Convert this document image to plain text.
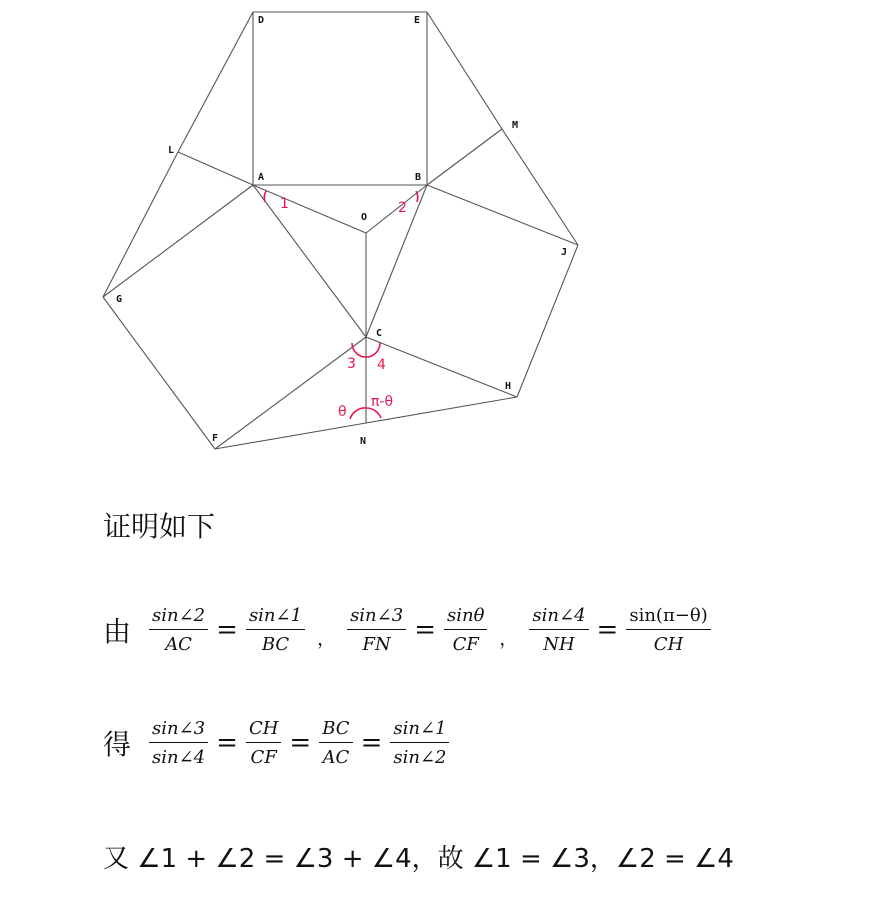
D	E
M
L
A	B
O
J
G
C
H
F	N
1	2
3 4
θ
π-θ
证明如下
由 $\frac{\sin\angle 2}{AC} = \frac{\sin\angle 1}{BC}$ ， $\frac{\sin\angle 3}{FN} = \frac{\sin\theta}{CF}$ ， $\frac{\sin\angle 4}{NH} = \frac{\sin(\pi-\theta)}{CH}$
得 $\frac{\sin\angle 3}{\sin\angle 4} = \frac{CH}{CF} = \frac{BC}{AC} = \frac{\sin\angle 1}{\sin\angle 2}$
又 ∠1 + ∠2 = ∠3 + ∠4，故 ∠1 = ∠3，∠2 = ∠4
